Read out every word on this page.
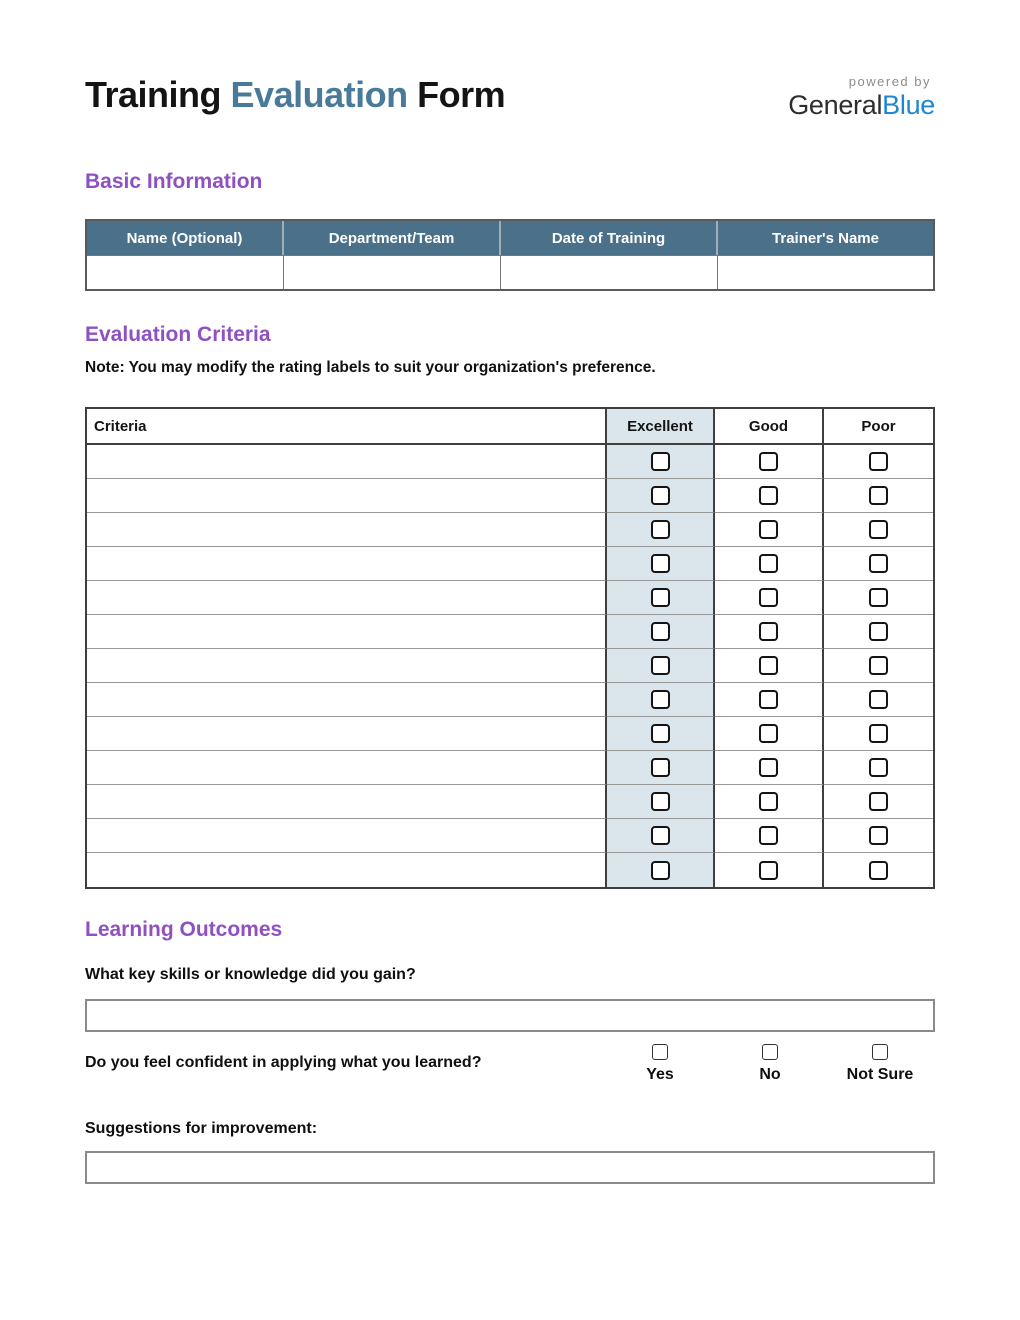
Training Evaluation Form	powered by
GeneralBlue
Basic Information
Name (Optional)	Department/Team	Date of Training	Trainer's Name
Evaluation Criteria

Note: You may modify the rating labels to suit your organization's preference.

Criteria	Excellent	Good	Poor
Learning Outcomes

What key skills or knowledge did you gain?

Do you feel confident in applying what you learned?
Yes	No	Not Sure

Suggestions for improvement:
